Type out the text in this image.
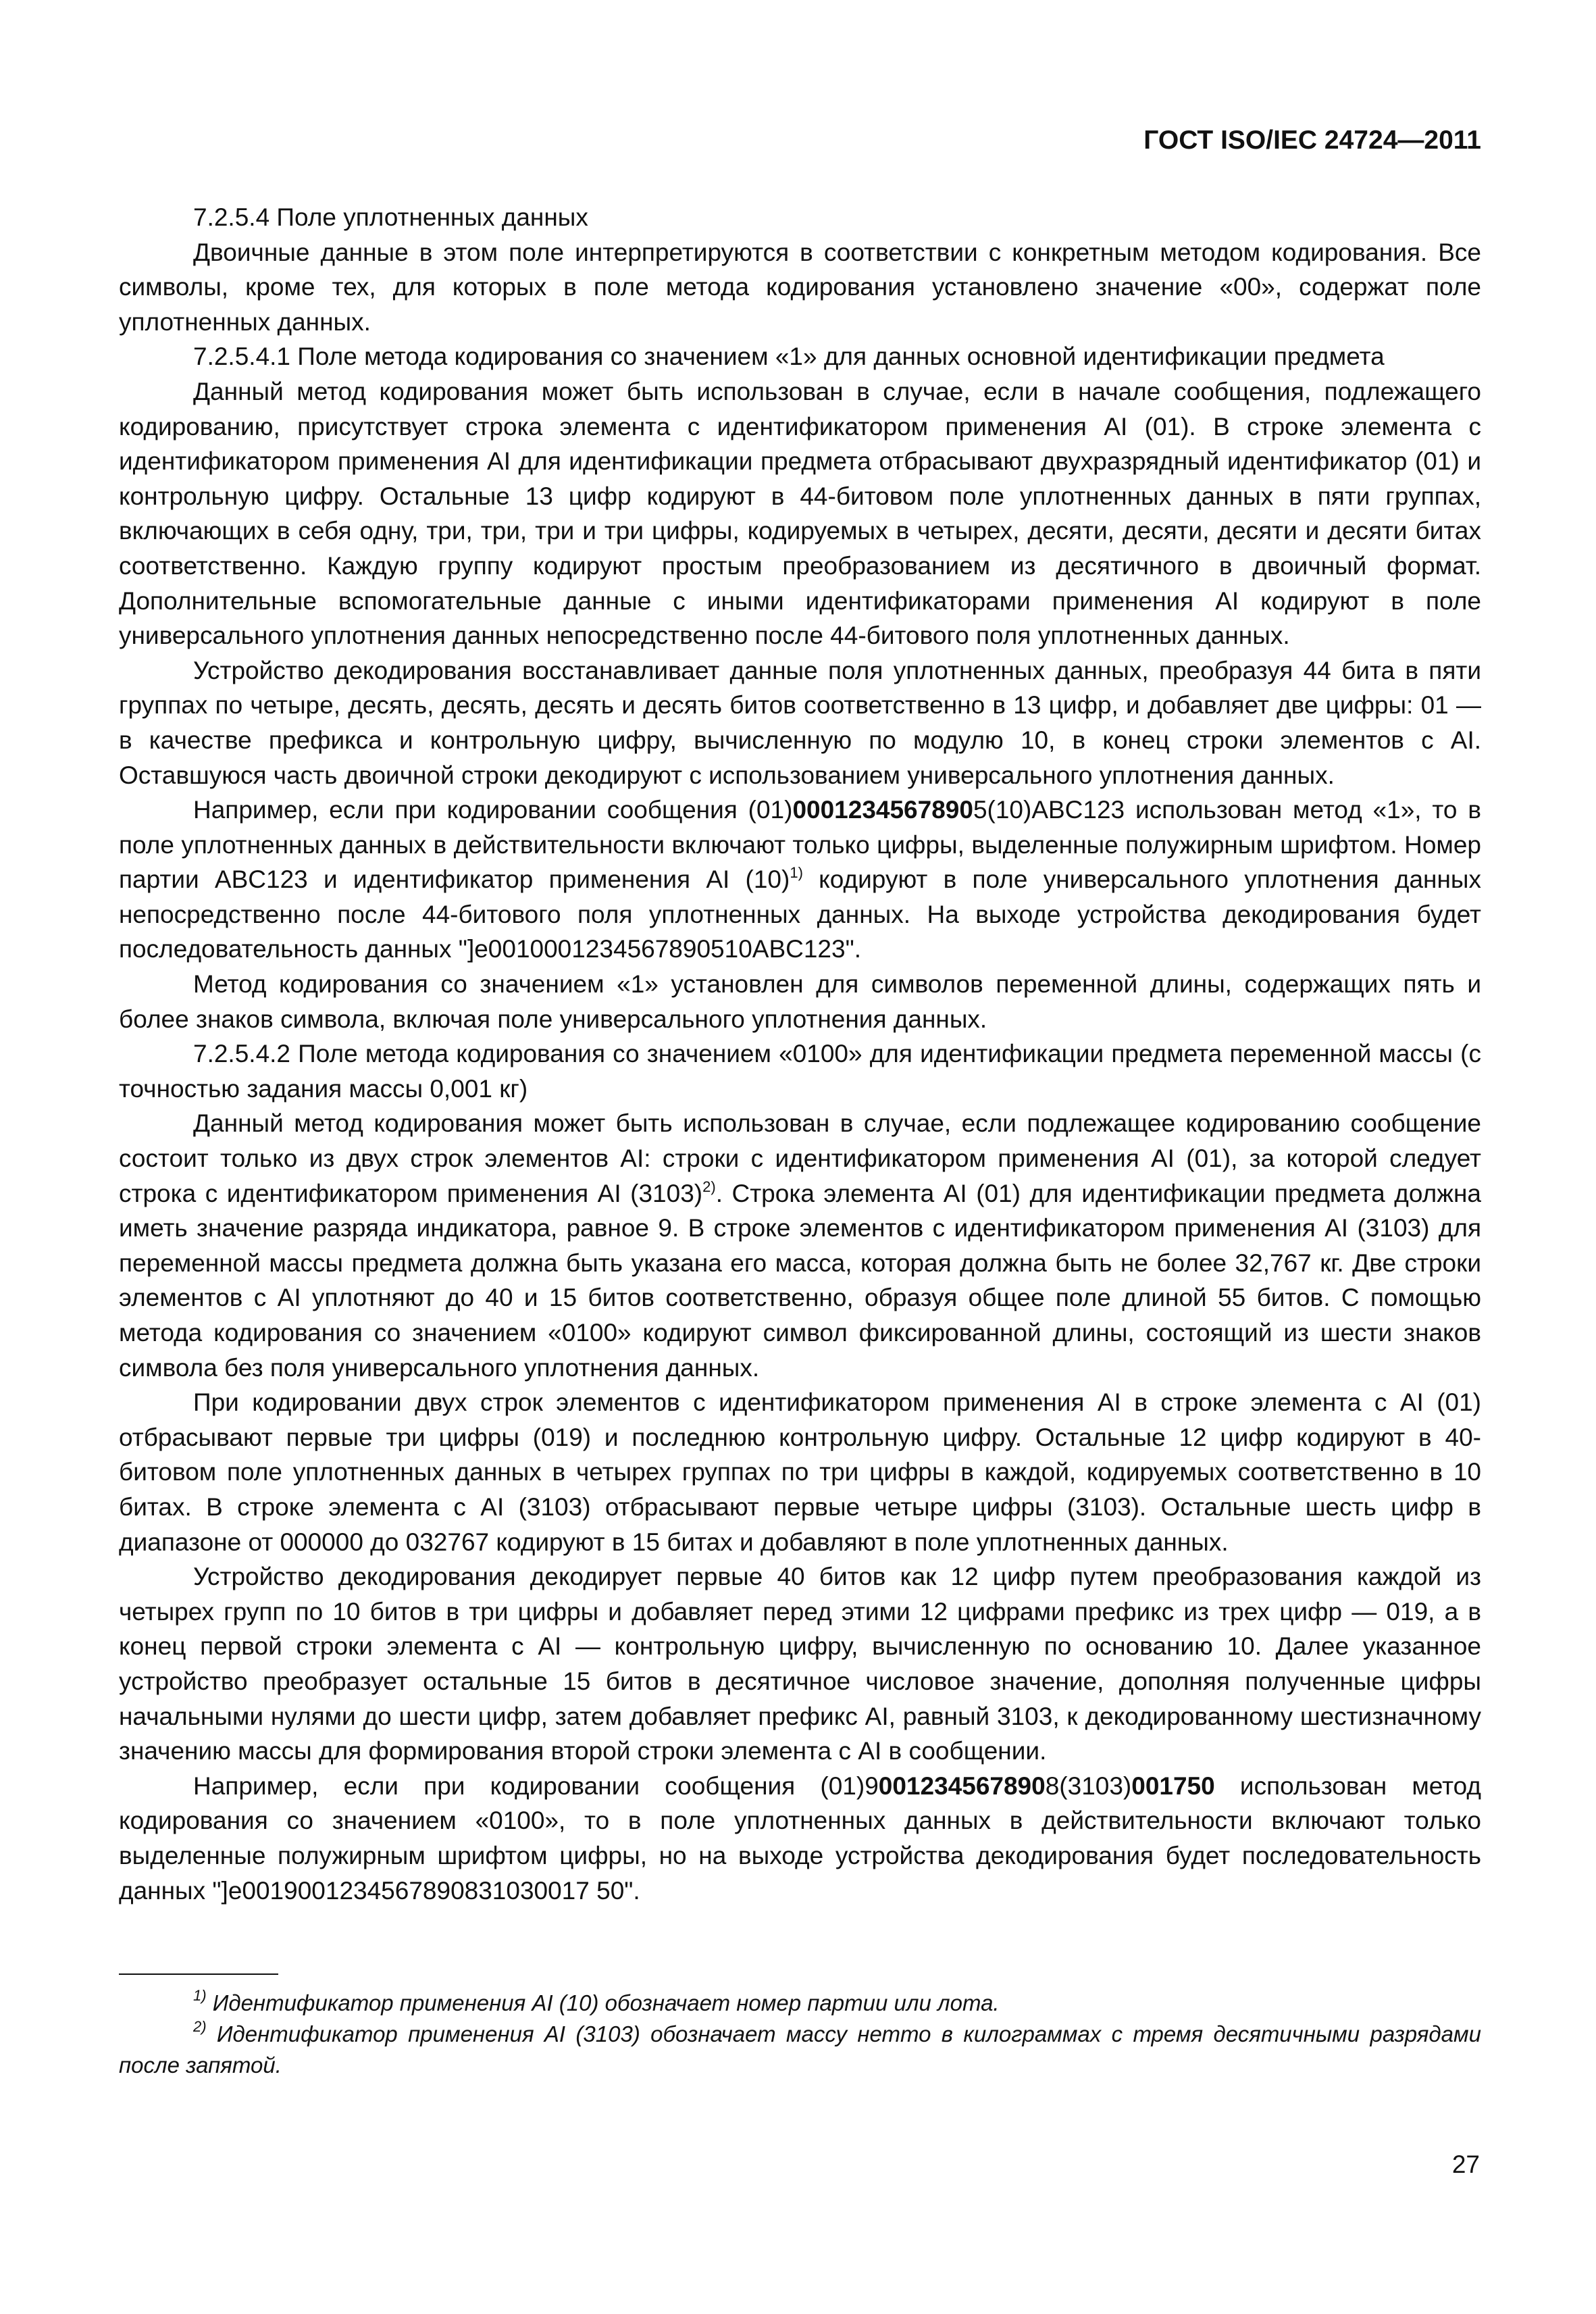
ГОСТ ISO/IEC 24724—2011

7.2.5.4 Поле уплотненных данных

Двоичные данные в этом поле интерпретируются в соответствии с конкретным методом кодирования. Все символы, кроме тех, для которых в поле метода кодирования установлено значение «00», содержат поле уплотненных данных.

7.2.5.4.1 Поле метода кодирования со значением «1» для данных основной идентификации предмета

Данный метод кодирования может быть использован в случае, если в начале сообщения, подлежащего кодированию, присутствует строка элемента с идентификатором применения AI (01). В строке элемента с идентификатором применения AI для идентификации предмета отбрасывают двухразрядный идентификатор (01) и контрольную цифру. Остальные 13 цифр кодируют в 44-битовом поле уплотненных данных в пяти группах, включающих в себя одну, три, три, три и три цифры, кодируемых в четырех, десяти, десяти, десяти и десяти битах соответственно. Каждую группу кодируют простым преобразованием из десятичного в двоичный формат. Дополнительные вспомогательные данные с иными идентификаторами применения AI кодируют в поле универсального уплотнения данных непосредственно после 44-битового поля уплотненных данных.

Устройство декодирования восстанавливает данные поля уплотненных данных, преобразуя 44 бита в пяти группах по четыре, десять, десять, десять и десять битов соответственно в 13 цифр, и добавляет две цифры: 01 — в качестве префикса и контрольную цифру, вычисленную по модулю 10, в конец строки элементов с AI. Оставшуюся часть двоичной строки декодируют с использованием универсального уплотнения данных.

Например, если при кодировании сообщения (01)00012345678905(10)ABC123 использован метод «1», то в поле уплотненных данных в действительности включают только цифры, выделенные полужирным шрифтом. Номер партии ABC123 и идентификатор применения AI $(10)^{1)}$ кодируют в поле универсального уплотнения данных непосредственно после 44-битового поля уплотненных данных. На выходе устройства декодирования будет последовательность данных "]e0010001234567890510ABC123".

Метод кодирования со значением «1» установлен для символов переменной длины, содержащих пять и более знаков символа, включая поле универсального уплотнения данных.

7.2.5.4.2 Поле метода кодирования со значением «0100» для идентификации предмета переменной массы (с точностью задания массы 0,001 кг)

Данный метод кодирования может быть использован в случае, если подлежащее кодированию сообщение состоит только из двух строк элементов AI: строки с идентификатором применения AI (01), за которой следует строка с идентификатором применения AI $(3103)^{2)}$. Строка элемента AI (01) для идентификации предмета должна иметь значение разряда индикатора, равное 9. В строке элементов с идентификатором применения AI (3103) для переменной массы предмета должна быть указана его масса, которая должна быть не более 32,767 кг. Две строки элементов с AI уплотняют до 40 и 15 битов соответственно, образуя общее поле длиной 55 битов. С помощью метода кодирования со значением «0100» кодируют символ фиксированной длины, состоящий из шести знаков символа без поля универсального уплотнения данных.

При кодировании двух строк элементов с идентификатором применения AI в строке элемента с AI (01) отбрасывают первые три цифры (019) и последнюю контрольную цифру. Остальные 12 цифр кодируют в 40-битовом поле уплотненных данных в четырех группах по три цифры в каждой, кодируемых соответственно в 10 битах. В строке элемента с AI (3103) отбрасывают первые четыре цифры (3103). Остальные шесть цифр в диапазоне от 000000 до 032767 кодируют в 15 битах и добавляют в поле уплотненных данных.

Устройство декодирования декодирует первые 40 битов как 12 цифр путем преобразования каждой из четырех групп по 10 битов в три цифры и добавляет перед этими 12 цифрами префикс из трех цифр — 019, а в конец первой строки элемента с AI — контрольную цифру, вычисленную по основанию 10. Далее указанное устройство преобразует остальные 15 битов в десятичное числовое значение, дополняя полученные цифры начальными нулями до шести цифр, затем добавляет префикс AI, равный 3103, к декодированному шестизначному значению массы для формирования второй строки элемента с AI в сообщении.

Например, если при кодировании сообщения (01)90012345678908(3103)001750 использован метод кодирования со значением «0100», то в поле уплотненных данных в действительности включают только выделенные полужирным шрифтом цифры, но на выходе устройства декодирования будет последовательность данных "]e0019001234567890831030017 50".

$^{1)}$ Идентификатор применения AI (10) обозначает номер партии или лота.

$^{2)}$ Идентификатор применения AI (3103) обозначает массу нетто в килограммах с тремя десятичными разрядами после запятой.

27
